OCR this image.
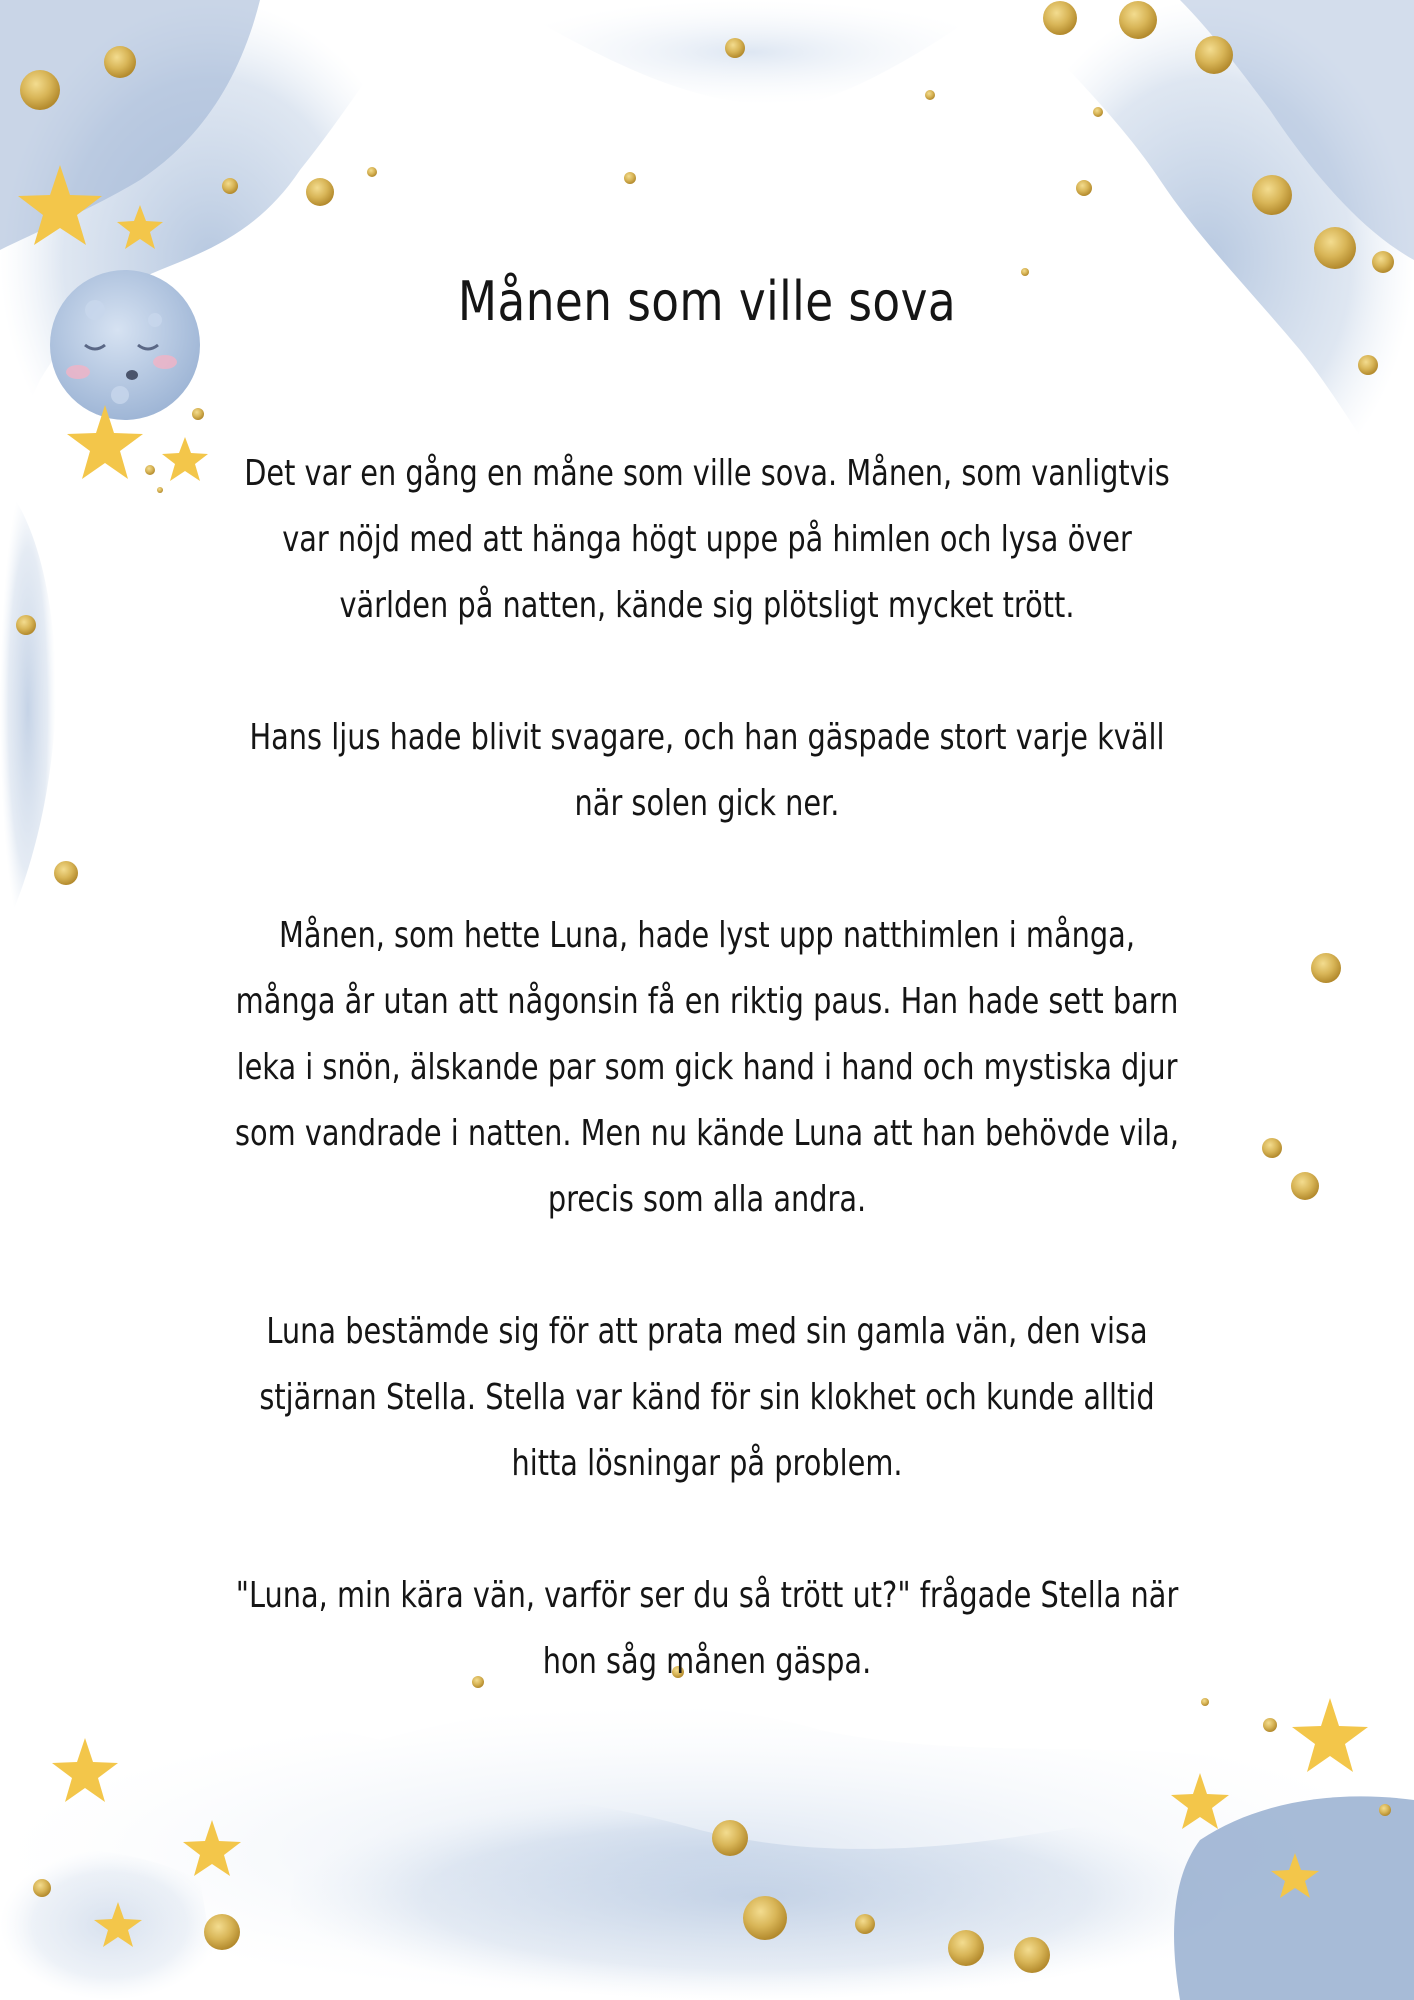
Månen som ville sova

Det var en gång en måne som ville sova. Månen, som vanligtvis var nöjd med att hänga högt uppe på himlen och lysa över världen på natten, kände sig plötsligt mycket trött.

Hans ljus hade blivit svagare, och han gäspade stort varje kväll när solen gick ner.

Månen, som hette Luna, hade lyst upp natthimlen i många, många år utan att någonsin få en riktig paus. Han hade sett barn leka i snön, älskande par som gick hand i hand och mystiska djur som vandrade i natten. Men nu kände Luna att han behövde vila, precis som alla andra.

Luna bestämde sig för att prata med sin gamla vän, den visa stjärnan Stella. Stella var känd för sin klokhet och kunde alltid hitta lösningar på problem.

"Luna, min kära vän, varför ser du så trött ut?" frågade Stella när hon såg månen gäspa.
